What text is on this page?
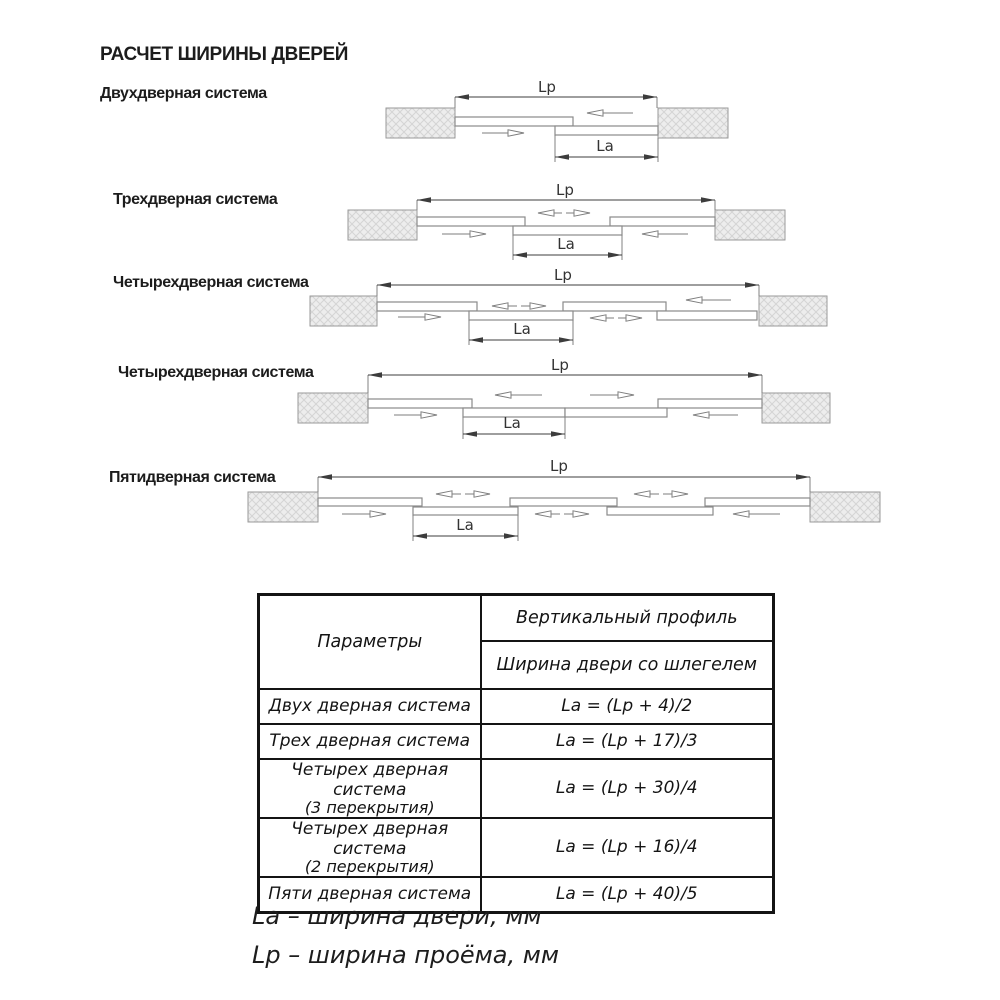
РАСЧЕТ ШИРИНЫ ДВЕРЕЙ
Двухдверная система
Трехдверная система
Четырехдверная система
Четырехдверная система
Пятидверная система
Lp
La
Lp
La
Lp
La
Lp
La
Lp
La
Параметры	Вертикальный профиль
	Ширина двери со шлегелем
Двух дверная система	La = (Lp + 4)/2
Трех дверная система	La = (Lp + 17)/3
Четырех дверная система
(3 перекрытия)	La = (Lp + 30)/4
Четырех дверная система
(2 перекрытия)	La = (Lp + 16)/4
Пяти дверная система	La = (Lp + 40)/5
La – ширина двери, мм
Lp – ширина проёма, мм
